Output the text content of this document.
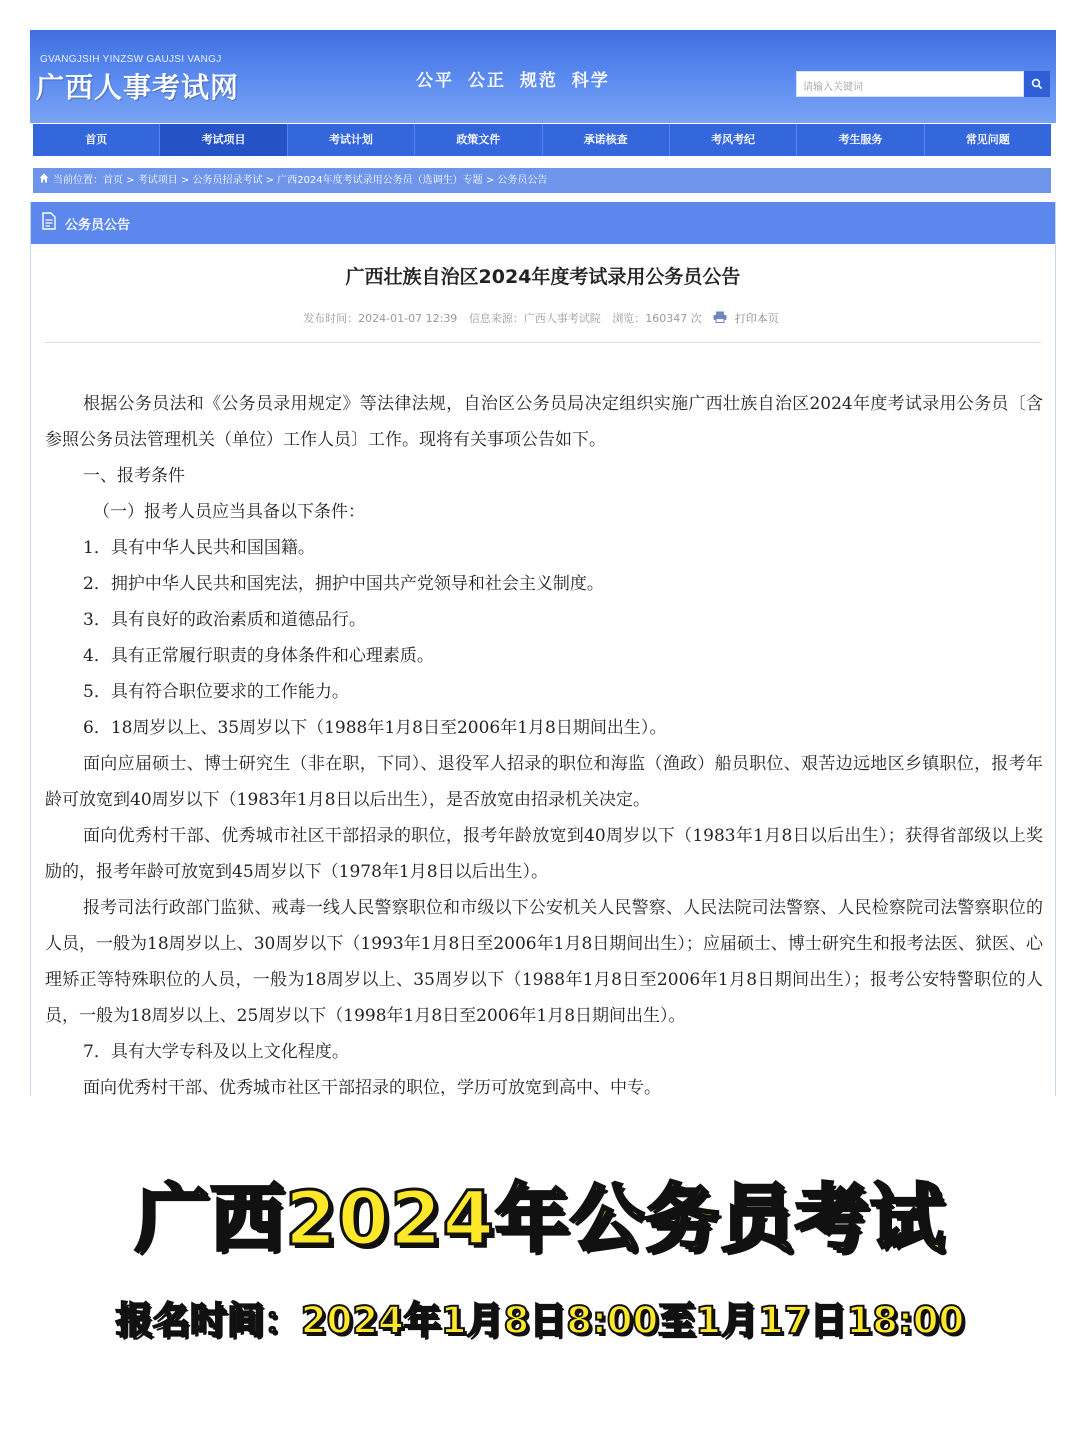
GVANGJSIH YINZSW GAUJSI VANGJ
广西人事考试网	公平 公正 规范 科学	请输入关键词
首页	考试项目	考试计划	政策文件	承诺核查	考风考纪	考生服务	常见问题
当前位置：首页 > 考试项目 > 公务员招录考试 > 广西2024年度考试录用公务员（选调生）专题 > 公务员公告
公务员公告
广西壮族自治区2024年度考试录用公务员公告
发布时间：2024-01-07 12:39 信息来源：广西人事考试院 浏览：160347 次	打印本页

根据公务员法和《公务员录用规定》等法律法规，自治区公务员局决定组织实施广西壮族自治区2024年度考试录用公务员〔含参照公务员法管理机关（单位）工作人员〕工作。现将有关事项公告如下。

一、报考条件

（一）报考人员应当具备以下条件：

1．具有中华人民共和国国籍。

2．拥护中华人民共和国宪法，拥护中国共产党领导和社会主义制度。

3．具有良好的政治素质和道德品行。

4．具有正常履行职责的身体条件和心理素质。

5．具有符合职位要求的工作能力。

6．18周岁以上、35周岁以下（1988年1月8日至2006年1月8日期间出生）。

面向应届硕士、博士研究生（非在职，下同）、退役军人招录的职位和海监（渔政）船员职位、艰苦边远地区乡镇职位，报考年龄可放宽到40周岁以下（1983年1月8日以后出生），是否放宽由招录机关决定。

面向优秀村干部、优秀城市社区干部招录的职位，报考年龄放宽到40周岁以下（1983年1月8日以后出生）；获得省部级以上奖励的，报考年龄可放宽到45周岁以下（1978年1月8日以后出生）。

报考司法行政部门监狱、戒毒一线人民警察职位和市级以下公安机关人民警察、人民法院司法警察、人民检察院司法警察职位的人员，一般为18周岁以上、30周岁以下（1993年1月8日至2006年1月8日期间出生）；应届硕士、博士研究生和报考法医、狱医、心理矫正等特殊职位的人员，一般为18周岁以上、35周岁以下（1988年1月8日至2006年1月8日期间出生）；报考公安特警职位的人员，一般为18周岁以上、25周岁以下（1998年1月8日至2006年1月8日期间出生）。

7．具有大学专科及以上文化程度。

面向优秀村干部、优秀城市社区干部招录的职位，学历可放宽到高中、中专。

广西2024年公务员考试
报名时间：2024年1月8日8:00至1月17日18:00
